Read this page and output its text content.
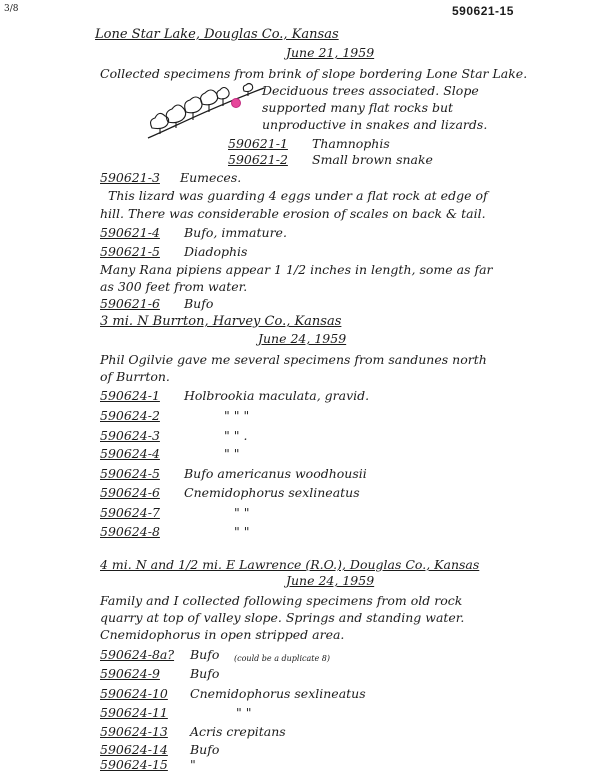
3/8	590621-15
Lone Star Lake, Douglas Co., Kansas
June 21, 1959
Collected specimens from brink of slope bordering Lone Star Lake.
Deciduous trees associated. Slope
supported many flat rocks but
unproductive in snakes and lizards.
590621-1 Thamnophis
590621-2 Small brown snake
590621-3 Eumeces.
This lizard was guarding 4 eggs under a flat rock at edge of
hill. There was considerable erosion of scales on back & tail.
590621-4 Bufo, immature.
590621-5 Diadophis
Many Rana pipiens appear 1 1/2 inches in length, some as far
as 300 feet from water.
590621-6 Bufo
3 mi. N Burrton, Harvey Co., Kansas
June 24, 1959
Phil Ogilvie gave me several specimens from sandunes north
of Burrton.
590624-1 Holbrookia maculata, gravid.
590624-2	" " "
590624-3	" " .
590624-4	" "
590624-5 Bufo americanus woodhousii
590624-6 Cnemidophorus sexlineatus
590624-7	" "
590624-8	" "
4 mi. N and 1/2 mi. E Lawrence (R.O.), Douglas Co., Kansas
June 24, 1959
Family and I collected following specimens from old rock
quarry at top of valley slope. Springs and standing water.
Cnemidophorus in open stripped area.
590624-8a? Bufo (could be a duplicate 8)
590624-9 Bufo
590624-10 Cnemidophorus sexlineatus
590624-11	" "
590624-13 Acris crepitans
590624-14 Bufo
590624-15 "
